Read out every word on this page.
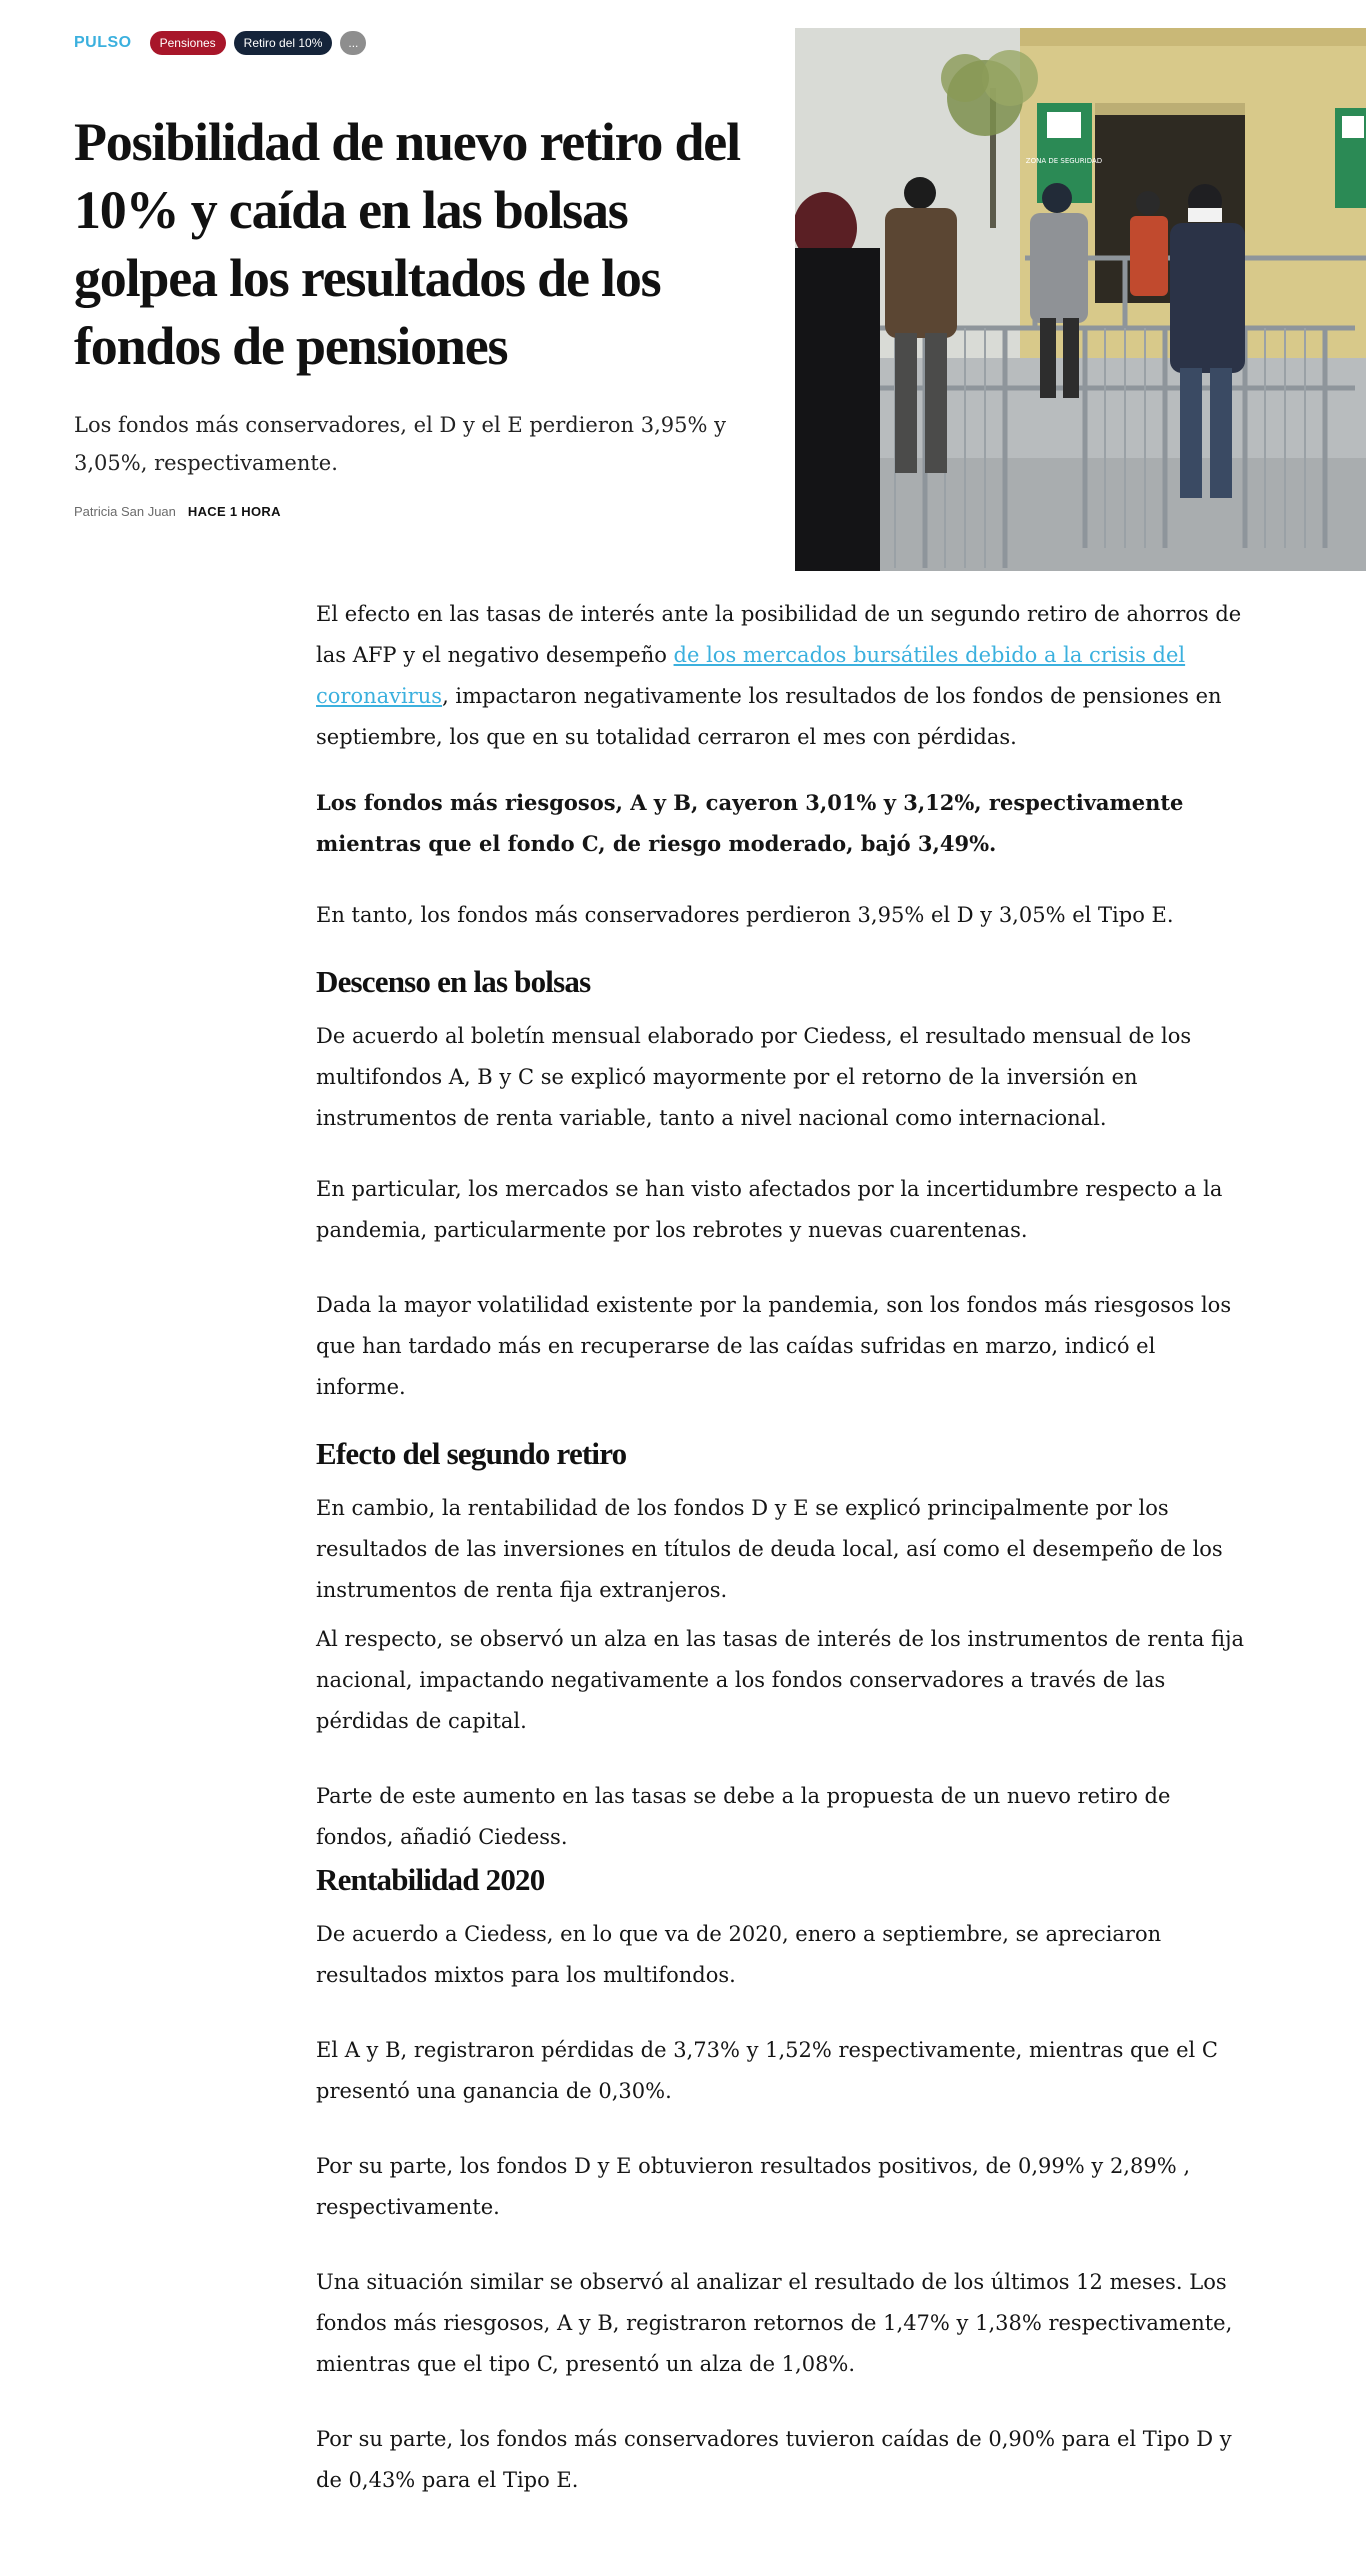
PULSO	Pensiones	Retiro del 10%	...
Posibilidad de nuevo retiro del 10% y caída en las bolsas golpea los resultados de los fondos de pensiones

Los fondos más conservadores, el D y el E perdieron 3,95% y 3,05%, respectivamente.

Patricia San Juan HACE 1 HORA
ZONA DE SEGURIDAD

El efecto en las tasas de interés ante la posibilidad de un segundo retiro de ahorros de las AFP y el negativo desempeño de los mercados bursátiles debido a la crisis del coronavirus, impactaron negativamente los resultados de los fondos de pensiones en septiembre, los que en su totalidad cerraron el mes con pérdidas.

Los fondos más riesgosos, A y B, cayeron 3,01% y 3,12%, respectivamente mientras que el fondo C, de riesgo moderado, bajó 3,49%.

En tanto, los fondos más conservadores perdieron 3,95% el D y 3,05% el Tipo E.

Descenso en las bolsas

De acuerdo al boletín mensual elaborado por Ciedess, el resultado mensual de los multifondos A, B y C se explicó mayormente por el retorno de la inversión en instrumentos de renta variable, tanto a nivel nacional como internacional.

En particular, los mercados se han visto afectados por la incertidumbre respecto a la pandemia, particularmente por los rebrotes y nuevas cuarentenas.

Dada la mayor volatilidad existente por la pandemia, son los fondos más riesgosos los que han tardado más en recuperarse de las caídas sufridas en marzo, indicó el informe.

Efecto del segundo retiro

En cambio, la rentabilidad de los fondos D y E se explicó principalmente por los resultados de las inversiones en títulos de deuda local, así como el desempeño de los instrumentos de renta fija extranjeros.

Al respecto, se observó un alza en las tasas de interés de los instrumentos de renta fija nacional, impactando negativamente a los fondos conservadores a través de las pérdidas de capital.

Parte de este aumento en las tasas se debe a la propuesta de un nuevo retiro de fondos, añadió Ciedess.

Rentabilidad 2020

De acuerdo a Ciedess, en lo que va de 2020, enero a septiembre, se apreciaron resultados mixtos para los multifondos.

El A y B, registraron pérdidas de 3,73% y 1,52% respectivamente, mientras que el C presentó una ganancia de 0,30%.

Por su parte, los fondos D y E obtuvieron resultados positivos, de 0,99% y 2,89% , respectivamente.

Una situación similar se observó al analizar el resultado de los últimos 12 meses. Los fondos más riesgosos, A y B, registraron retornos de 1,47% y 1,38% respectivamente, mientras que el tipo C, presentó un alza de 1,08%.

Por su parte, los fondos más conservadores tuvieron caídas de 0,90% para el Tipo D y de 0,43% para el Tipo E.
